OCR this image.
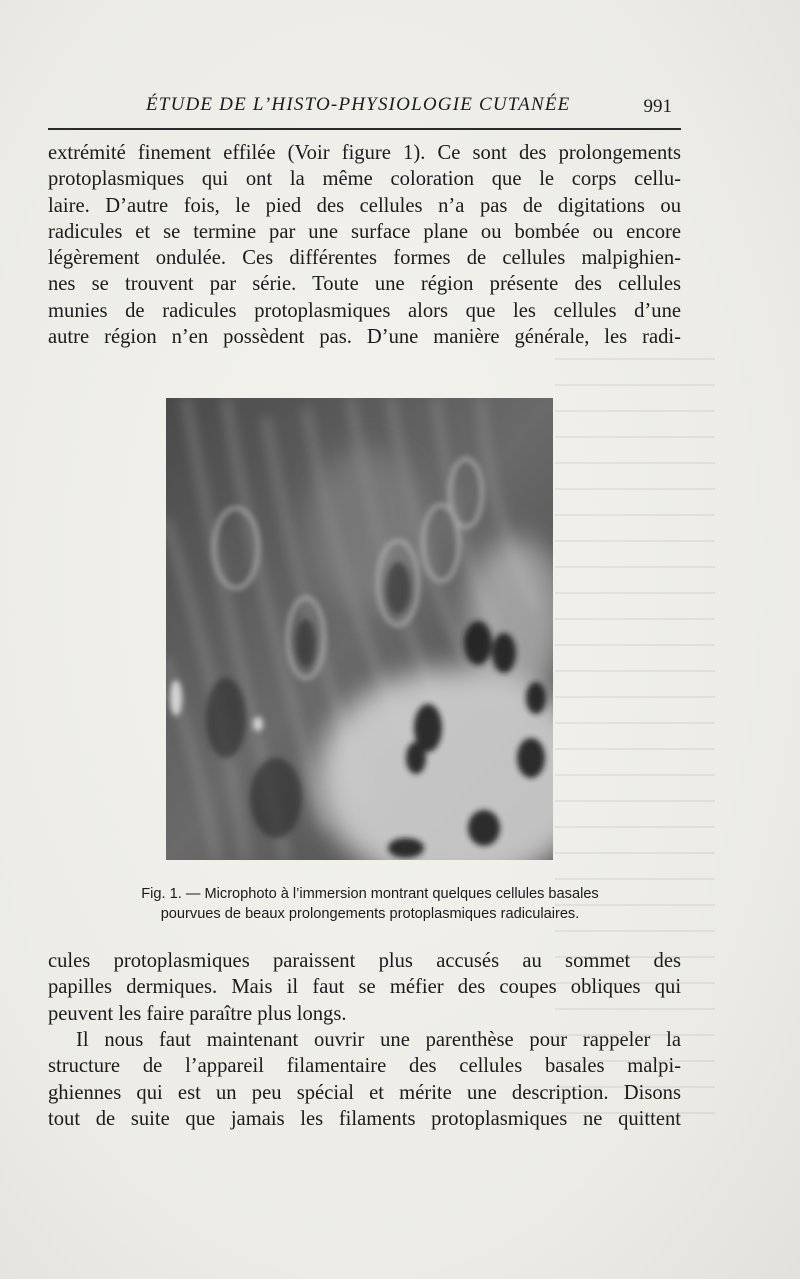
ÉTUDE DE L’HISTO-PHYSIOLOGIE CUTANÉE	991
extrémité finement effilée (Voir figure 1). Ce sont des prolongements
protoplasmiques qui ont la même coloration que le corps cellu-
laire. D’autre fois, le pied des cellules n’a pas de digitations ou
radicules et se termine par une surface plane ou bombée ou encore
légèrement ondulée. Ces différentes formes de cellules malpighien-
nes se trouvent par série. Toute une région présente des cellules
munies de radicules protoplasmiques alors que les cellules d’une
autre région n’en possèdent pas. D’une manière générale, les radi-
Fig. 1. — Microphoto à l’immersion montrant quelques cellules basales
pourvues de beaux prolongements protoplasmiques radiculaires.
cules protoplasmiques paraissent plus accusés au sommet des
papilles dermiques. Mais il faut se méfier des coupes obliques qui
peuvent les faire paraître plus longs.
Il nous faut maintenant ouvrir une parenthèse pour rappeler la
structure de l’appareil filamentaire des cellules basales malpi-
ghiennes qui est un peu spécial et mérite une description. Disons
tout de suite que jamais les filaments protoplasmiques ne quittent
